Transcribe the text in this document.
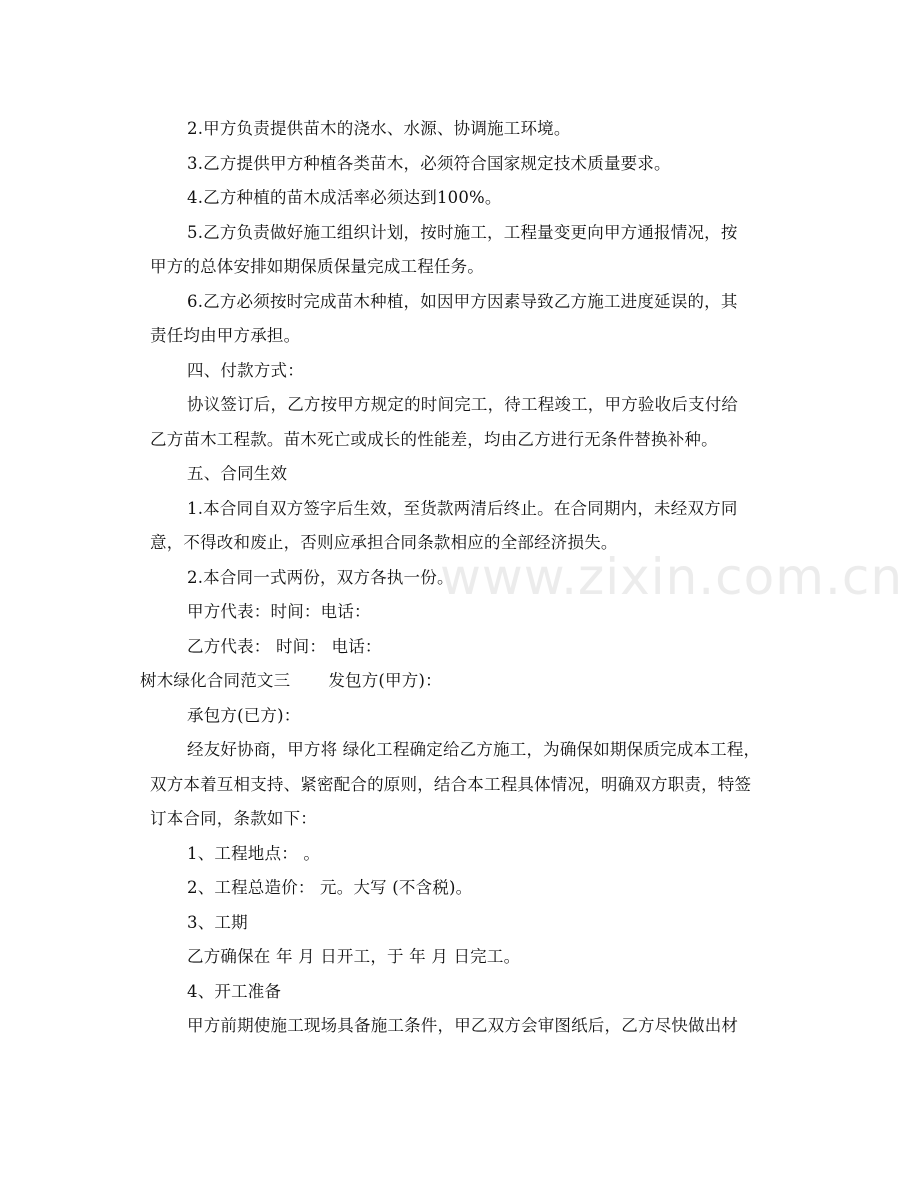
2.甲方负责提供苗木的浇水、水源、协调施工环境。
3.乙方提供甲方种植各类苗木，必须符合国家规定技术质量要求。
4.乙方种植的苗木成活率必须达到100%。
5.乙方负责做好施工组织计划，按时施工，工程量变更向甲方通报情况，按
甲方的总体安排如期保质保量完成工程任务。
6.乙方必须按时完成苗木种植，如因甲方因素导致乙方施工进度延误的，其
责任均由甲方承担。
四、付款方式：
协议签订后，乙方按甲方规定的时间完工，待工程竣工，甲方验收后支付给
乙方苗木工程款。苗木死亡或成长的性能差，均由乙方进行无条件替换补种。
五、合同生效
1.本合同自双方签字后生效，至货款两清后终止。在合同期内，未经双方同
意，不得改和废止，否则应承担合同条款相应的全部经济损失。
2.本合同一式两份，双方各执一份。
甲方代表：时间：电话：
乙方代表： 时间： 电话：
树木绿化合同范文三 发包方(甲方)：
承包方(已方)：
经友好协商，甲方将 绿化工程确定给乙方施工，为确保如期保质完成本工程，
双方本着互相支持、紧密配合的原则，结合本工程具体情况，明确双方职责，特签
订本合同，条款如下：
1、工程地点： 。
2、工程总造价： 元。大写 (不含税)。
3、工期
乙方确保在 年 月 日开工，于 年 月 日完工。
4、开工准备
甲方前期使施工现场具备施工条件，甲乙双方会审图纸后，乙方尽快做出材
www.zixin.com.cn
